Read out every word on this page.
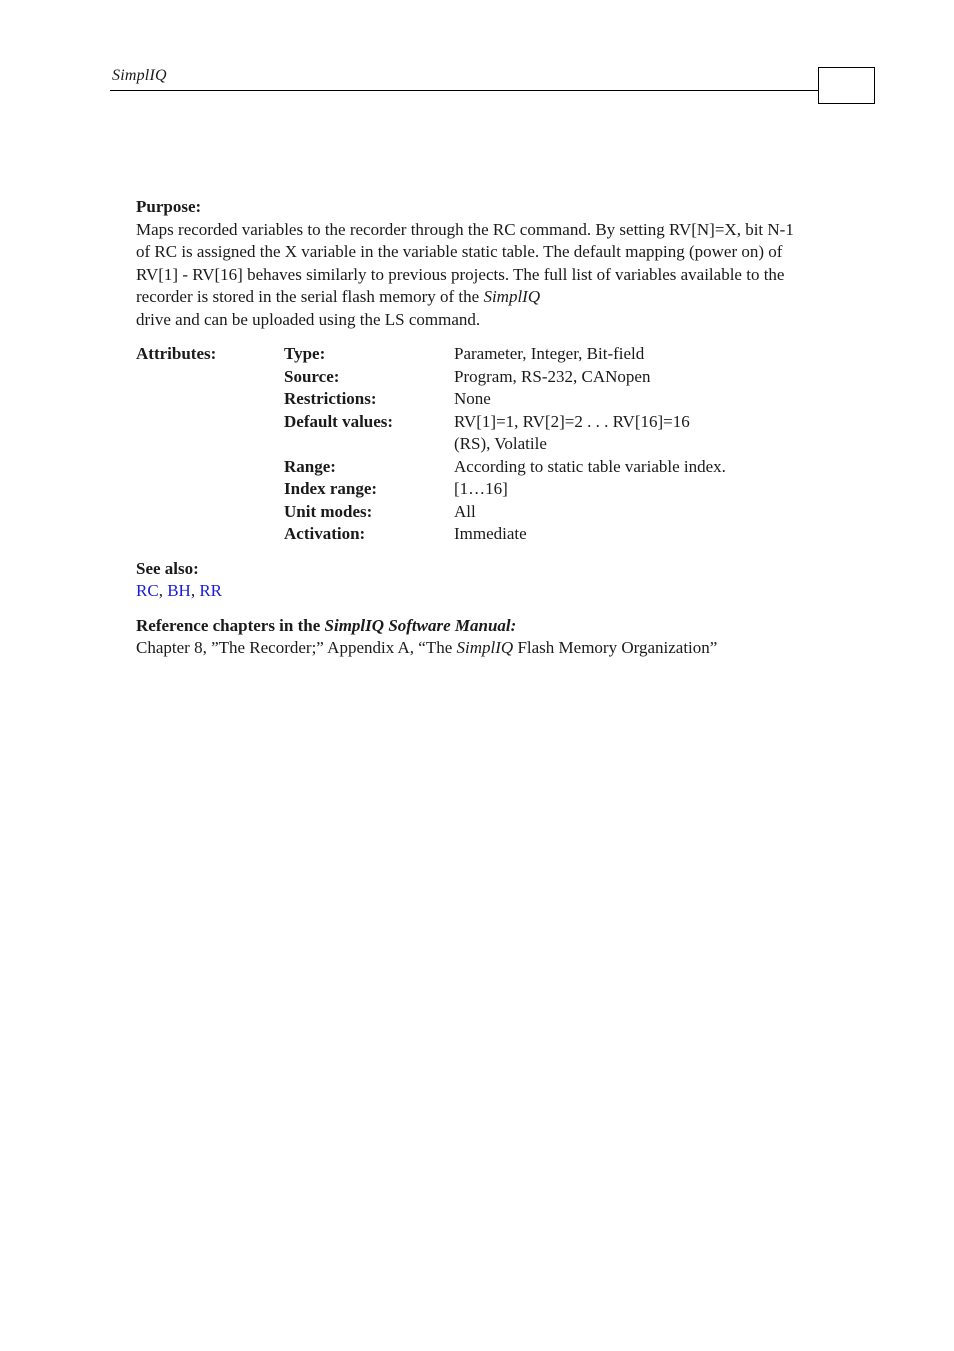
SimplIQ
Purpose:
Maps recorded variables to the recorder through the RC command. By setting RV[N]=X, bit N-1 of RC is assigned the X variable in the variable static table. The default mapping (power on) of RV[1] - RV[16] behaves similarly to previous projects. The full list of variables available to the recorder is stored in the serial flash memory of the SimplIQ
drive and can be uploaded using the LS command.
Attributes:	Type:	Parameter, Integer, Bit-field
Source:	Program, RS-232, CANopen
Restrictions:	None
Default values:	RV[1]=1, RV[2]=2 . . . RV[16]=16
(RS), Volatile
Range:	According to static table variable index.
Index range:	[1…16]
Unit modes:	All
Activation:	Immediate
See also:
RC, BH, RR
Reference chapters in the SimplIQ Software Manual:
Chapter 8, ”The Recorder;” Appendix A, “The SimplIQ Flash Memory Organization”
